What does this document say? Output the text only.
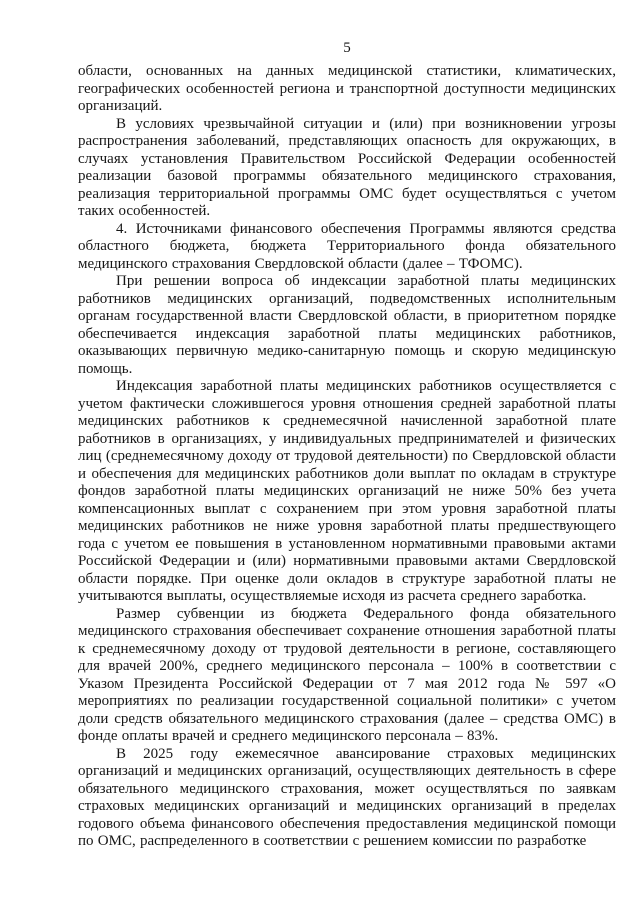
5

области, основанных на данных медицинской статистики, климатических, географических особенностей региона и транспортной доступности медицинских организаций.

В условиях чрезвычайной ситуации и (или) при возникновении угрозы распространения заболеваний, представляющих опасность для окружающих, в случаях установления Правительством Российской Федерации особенностей реализации базовой программы обязательного медицинского страхования, реализация территориальной программы ОМС будет осуществляться с учетом таких особенностей.

4. Источниками финансового обеспечения Программы являются средства областного бюджета, бюджета Территориального фонда обязательного медицинского страхования Свердловской области (далее – ТФОМС).

При решении вопроса об индексации заработной платы медицинских работников медицинских организаций, подведомственных исполнительным органам государственной власти Свердловской области, в приоритетном порядке обеспечивается индексация заработной платы медицинских работников, оказывающих первичную медико-санитарную помощь и скорую медицинскую помощь.

Индексация заработной платы медицинских работников осуществляется с учетом фактически сложившегося уровня отношения средней заработной платы медицинских работников к среднемесячной начисленной заработной плате работников в организациях, у индивидуальных предпринимателей и физических лиц (среднемесячному доходу от трудовой деятельности) по Свердловской области и обеспечения для медицинских работников доли выплат по окладам в структуре фондов заработной платы медицинских организаций не ниже 50% без учета компенсационных выплат с сохранением при этом уровня заработной платы медицинских работников не ниже уровня заработной платы предшествующего года с учетом ее повышения в установленном нормативными правовыми актами Российской Федерации и (или) нормативными правовыми актами Свердловской области порядке. При оценке доли окладов в структуре заработной платы не учитываются выплаты, осуществляемые исходя из расчета среднего заработка.

Размер субвенции из бюджета Федерального фонда обязательного медицинского страхования обеспечивает сохранение отношения заработной платы к среднемесячному доходу от трудовой деятельности в регионе, составляющего для врачей 200%, среднего медицинского персонала – 100% в соответствии с Указом Президента Российской Федерации от 7 мая 2012 года № 597 «О мероприятиях по реализации государственной социальной политики» с учетом доли средств обязательного медицинского страхования (далее – средства ОМС) в фонде оплаты врачей и среднего медицинского персонала – 83%.

В 2025 году ежемесячное авансирование страховых медицинских организаций и медицинских организаций, осуществляющих деятельность в сфере обязательного медицинского страхования, может осуществляться по заявкам страховых медицинских организаций и медицинских организаций в пределах годового объема финансового обеспечения предоставления медицинской помощи по ОМС, распределенного в соответствии с решением комиссии по разработке
